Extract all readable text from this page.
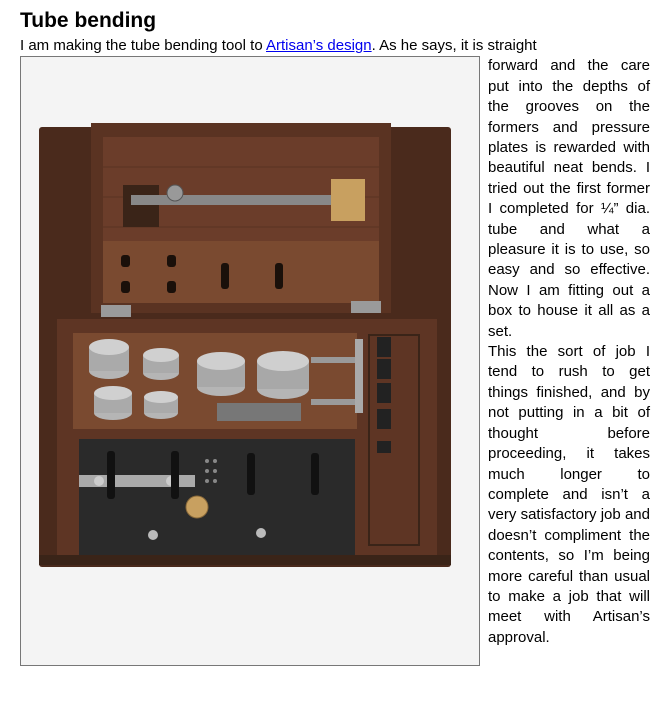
Tube bending
I am making the tube bending tool to Artisan’s design. As he says, it is straight
forward and the care put into the depths of the grooves on the formers and pressure plates is rewarded with beautiful neat bends. I tried out the first former I completed for ¼” dia. tube and what a pleasure it is to use, so easy and so effective. Now I am fitting out a box to house it all as a set.

This the sort of job I tend to rush to get things finished, and by not putting in a bit of thought before proceeding, it takes much longer to complete and isn’t a very satisfactory job and doesn’t compliment the contents, so I’m being more careful than usual to make a job that will meet with Artisan’s approval.
